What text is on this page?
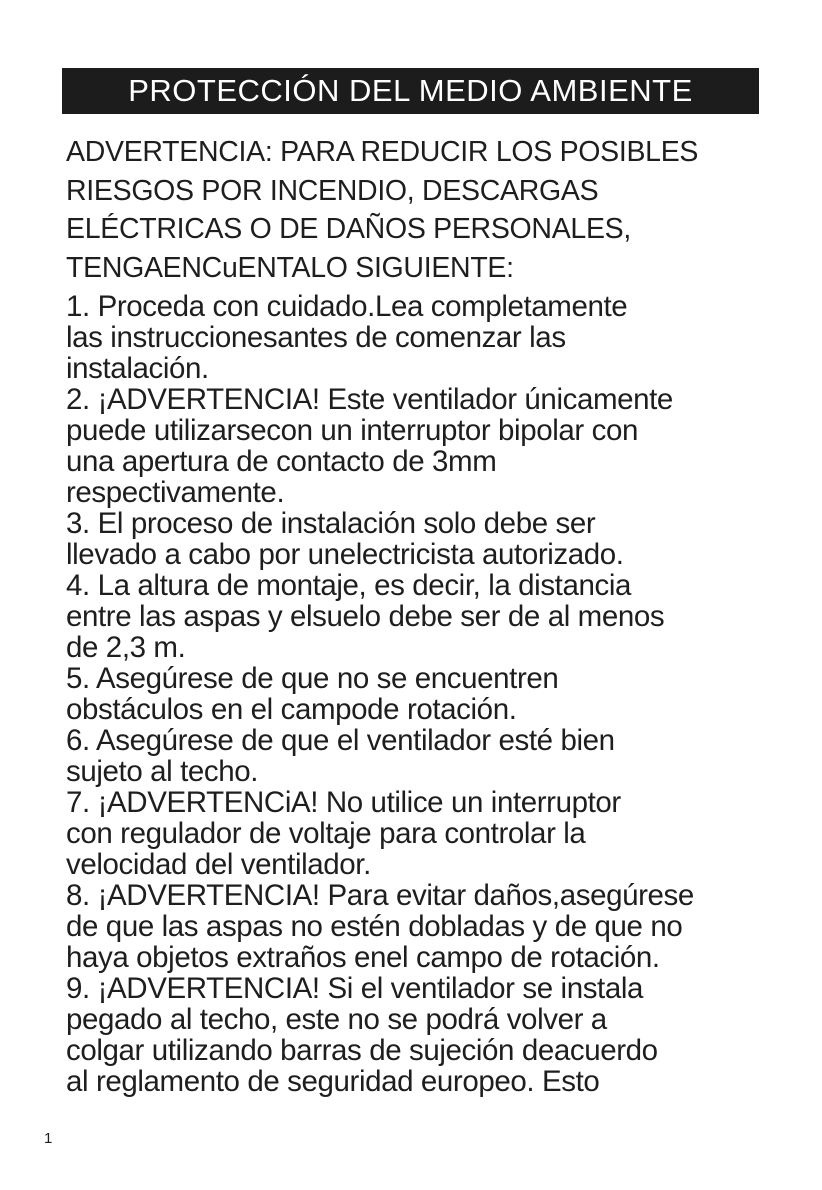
PROTECCIÓN DEL MEDIO AMBIENTE
ADVERTENCIA: PARA REDUCIR LOS POSIBLES
RIESGOS POR INCENDIO, DESCARGAS
ELÉCTRICAS O DE DAÑOS PERSONALES,
TENGAENCuENTALO SIGUIENTE:
1. Proceda con cuidado.Lea completamente
las instruccionesantes de comenzar las
instalación.
2. ¡ADVERTENCIA! Este ventilador únicamente
puede utilizarsecon un interruptor bipolar con
una apertura de contacto de 3mm
respectivamente.
3. El proceso de instalación solo debe ser
llevado a cabo por unelectricista autorizado.
4. La altura de montaje, es decir, la distancia
entre las aspas y elsuelo debe ser de al menos
de 2,3 m.
5. Asegúrese de que no se encuentren
obstáculos en el campode rotación.
6. Asegúrese de que el ventilador esté bien
sujeto al techo.
7. ¡ADVERTENCiA! No utilice un interruptor
con regulador de voltaje para controlar la
velocidad del ventilador.
8. ¡ADVERTENCIA! Para evitar daños,asegúrese
de que las aspas no estén dobladas y de que no
haya objetos extraños enel campo de rotación.
9. ¡ADVERTENCIA! Si el ventilador se instala
pegado al techo, este no se podrá volver a
colgar utilizando barras de sujeción deacuerdo
al reglamento de seguridad europeo. Esto
1
